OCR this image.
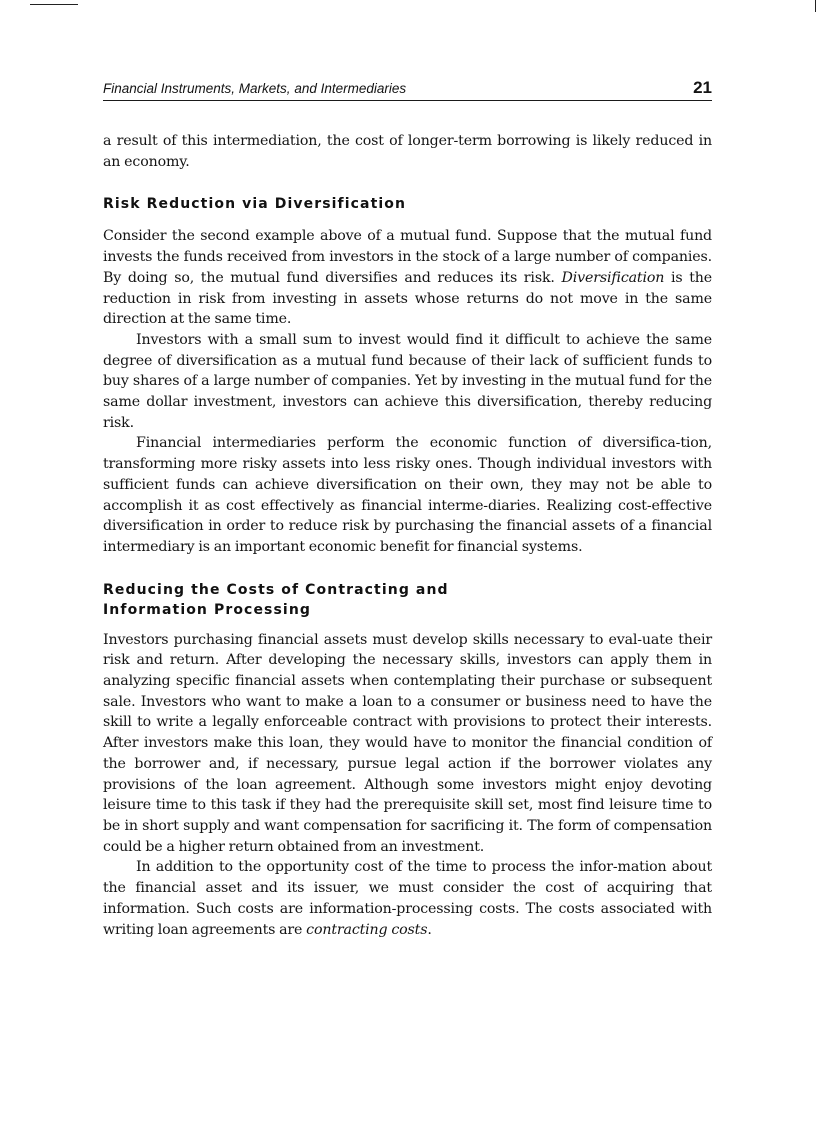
Financial Instruments, Markets, and Intermediaries	21

a result of this intermediation, the cost of longer-term borrowing is likely reduced in an economy.

Risk Reduction via Diversification

Consider the second example above of a mutual fund. Suppose that the mutual fund invests the funds received from investors in the stock of a large number of companies. By doing so, the mutual fund diversifies and reduces its risk. Diversification is the reduction in risk from investing in assets whose returns do not move in the same direction at the same time.

Investors with a small sum to invest would find it difficult to achieve the same degree of diversification as a mutual fund because of their lack of sufficient funds to buy shares of a large number of companies. Yet by investing in the mutual fund for the same dollar investment, investors can achieve this diversification, thereby reducing risk.

Financial intermediaries perform the economic function of diversifica-tion, transforming more risky assets into less risky ones. Though individual investors with sufficient funds can achieve diversification on their own, they may not be able to accomplish it as cost effectively as financial interme-diaries. Realizing cost-effective diversification in order to reduce risk by purchasing the financial assets of a financial intermediary is an important economic benefit for financial systems.

Reducing the Costs of Contracting and Information Processing

Investors purchasing financial assets must develop skills necessary to eval-uate their risk and return. After developing the necessary skills, investors can apply them in analyzing specific financial assets when contemplating their purchase or subsequent sale. Investors who want to make a loan to a consumer or business need to have the skill to write a legally enforceable contract with provisions to protect their interests. After investors make this loan, they would have to monitor the financial condition of the borrower and, if necessary, pursue legal action if the borrower violates any provisions of the loan agreement. Although some investors might enjoy devoting leisure time to this task if they had the prerequisite skill set, most find leisure time to be in short supply and want compensation for sacrificing it. The form of compensation could be a higher return obtained from an investment.

In addition to the opportunity cost of the time to process the infor-mation about the financial asset and its issuer, we must consider the cost of acquiring that information. Such costs are information-processing costs. The costs associated with writing loan agreements are contracting costs.
